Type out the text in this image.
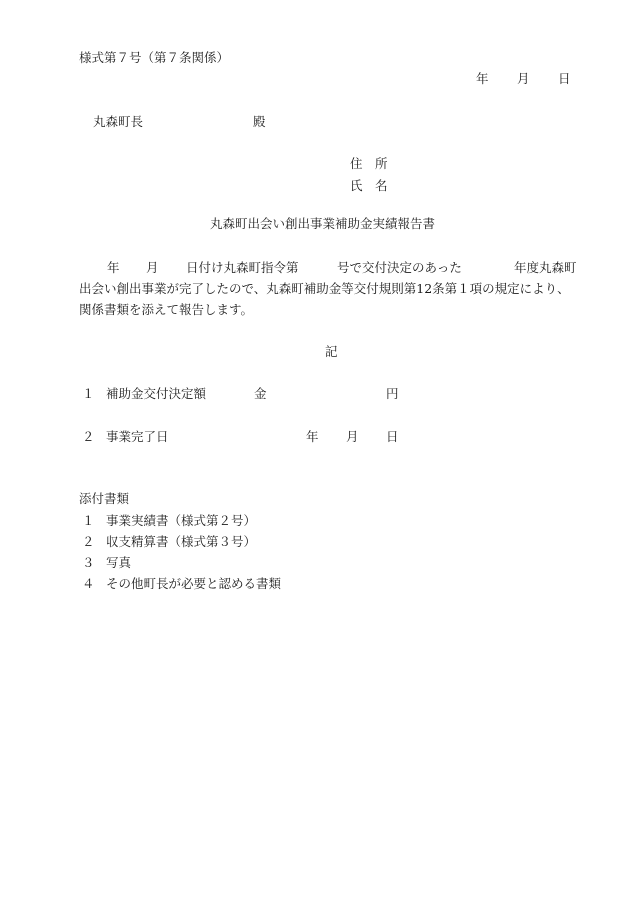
様式第７号（第７条関係）
年 月 日
丸森町長	殿
住　所
氏　名
丸森町出会い創出事業補助金実績報告書
年 月 日付け丸森町指令第	号で交付決定のあった	年度丸森町
出会い創出事業が完了したので、丸森町補助金等交付規則第12条第１項の規定により、
関係書類を添えて報告します。
記
１ 補助金交付決定額	金	円
２ 事業完了日	年 月 日
添付書類
１ 事業実績書（様式第２号）
２ 収支精算書（様式第３号）
３ 写真
４ その他町長が必要と認める書類
